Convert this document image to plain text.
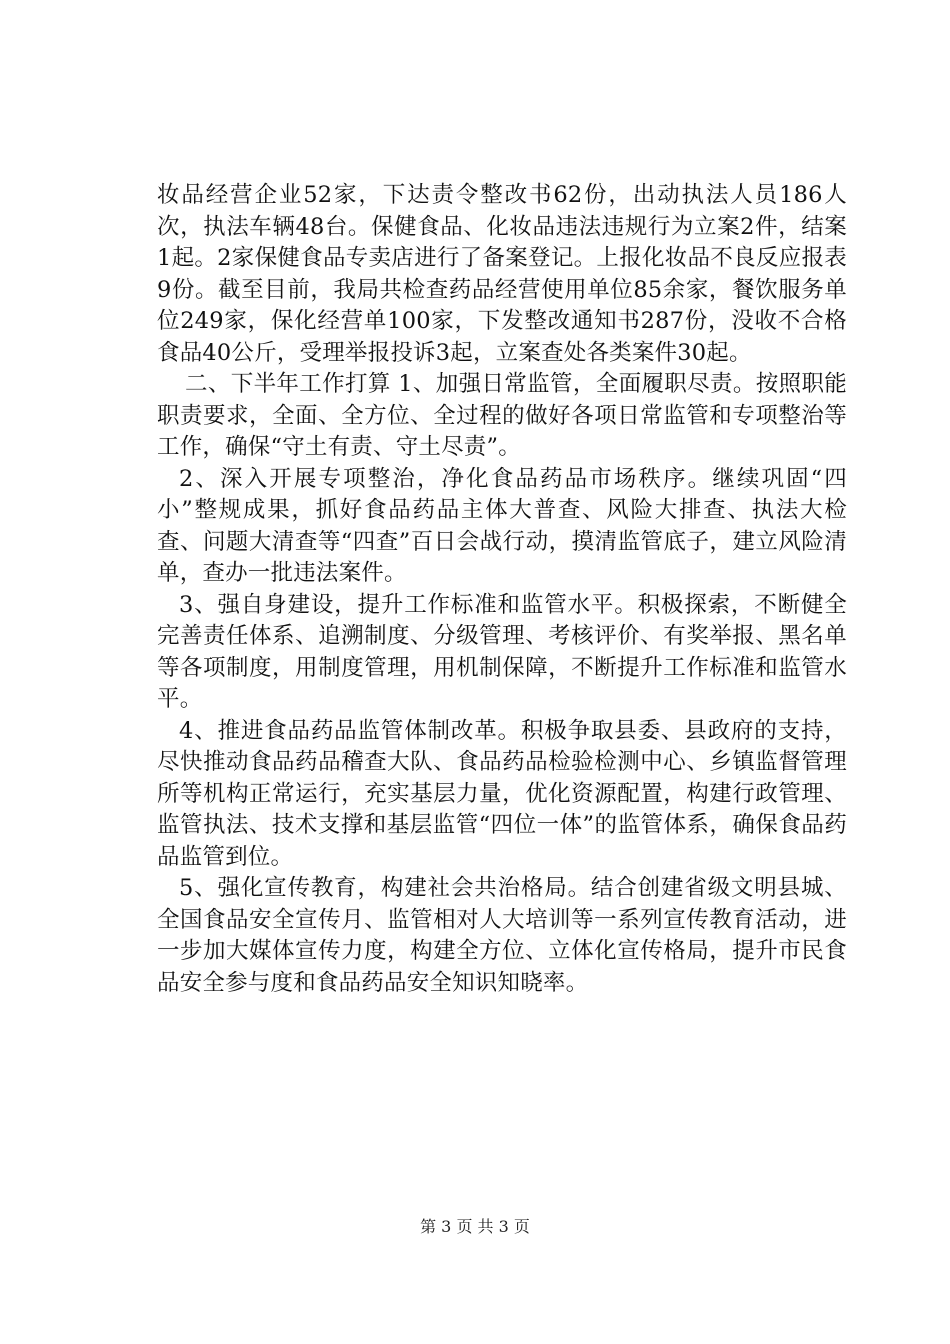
妆品经营企业52家，下达责令整改书62份，出动执法人员186人次，执法车辆48台。保健食品、化妆品违法违规行为立案2件，结案1起。2家保健食品专卖店进行了备案登记。上报化妆品不良反应报表9份。截至目前，我局共检查药品经营使用单位85余家，餐饮服务单位249家，保化经营单100家，下发整改通知书287份，没收不合格食品40公斤，受理举报投诉3起，立案查处各类案件30起。

二、下半年工作打算 1、加强日常监管，全面履职尽责。按照职能职责要求，全面、全方位、全过程的做好各项日常监管和专项整治等工作，确保“守土有责、守土尽责”。

2、深入开展专项整治，净化食品药品市场秩序。继续巩固“四小”整规成果，抓好食品药品主体大普查、风险大排查、执法大检查、问题大清查等“四查”百日会战行动，摸清监管底子，建立风险清单，查办一批违法案件。

3、强自身建设，提升工作标准和监管水平。积极探索，不断健全完善责任体系、追溯制度、分级管理、考核评价、有奖举报、黑名单等各项制度，用制度管理，用机制保障，不断提升工作标准和监管水平。

4、推进食品药品监管体制改革。积极争取县委、县政府的支持，尽快推动食品药品稽查大队、食品药品检验检测中心、乡镇监督管理所等机构正常运行，充实基层力量，优化资源配置，构建行政管理、监管执法、技术支撑和基层监管“四位一体”的监管体系，确保食品药品监管到位。

5、强化宣传教育，构建社会共治格局。结合创建省级文明县城、全国食品安全宣传月、监管相对人大培训等一系列宣传教育活动，进一步加大媒体宣传力度，构建全方位、立体化宣传格局，提升市民食品安全参与度和食品药品安全知识知晓率。

第 3 页 共 3 页
